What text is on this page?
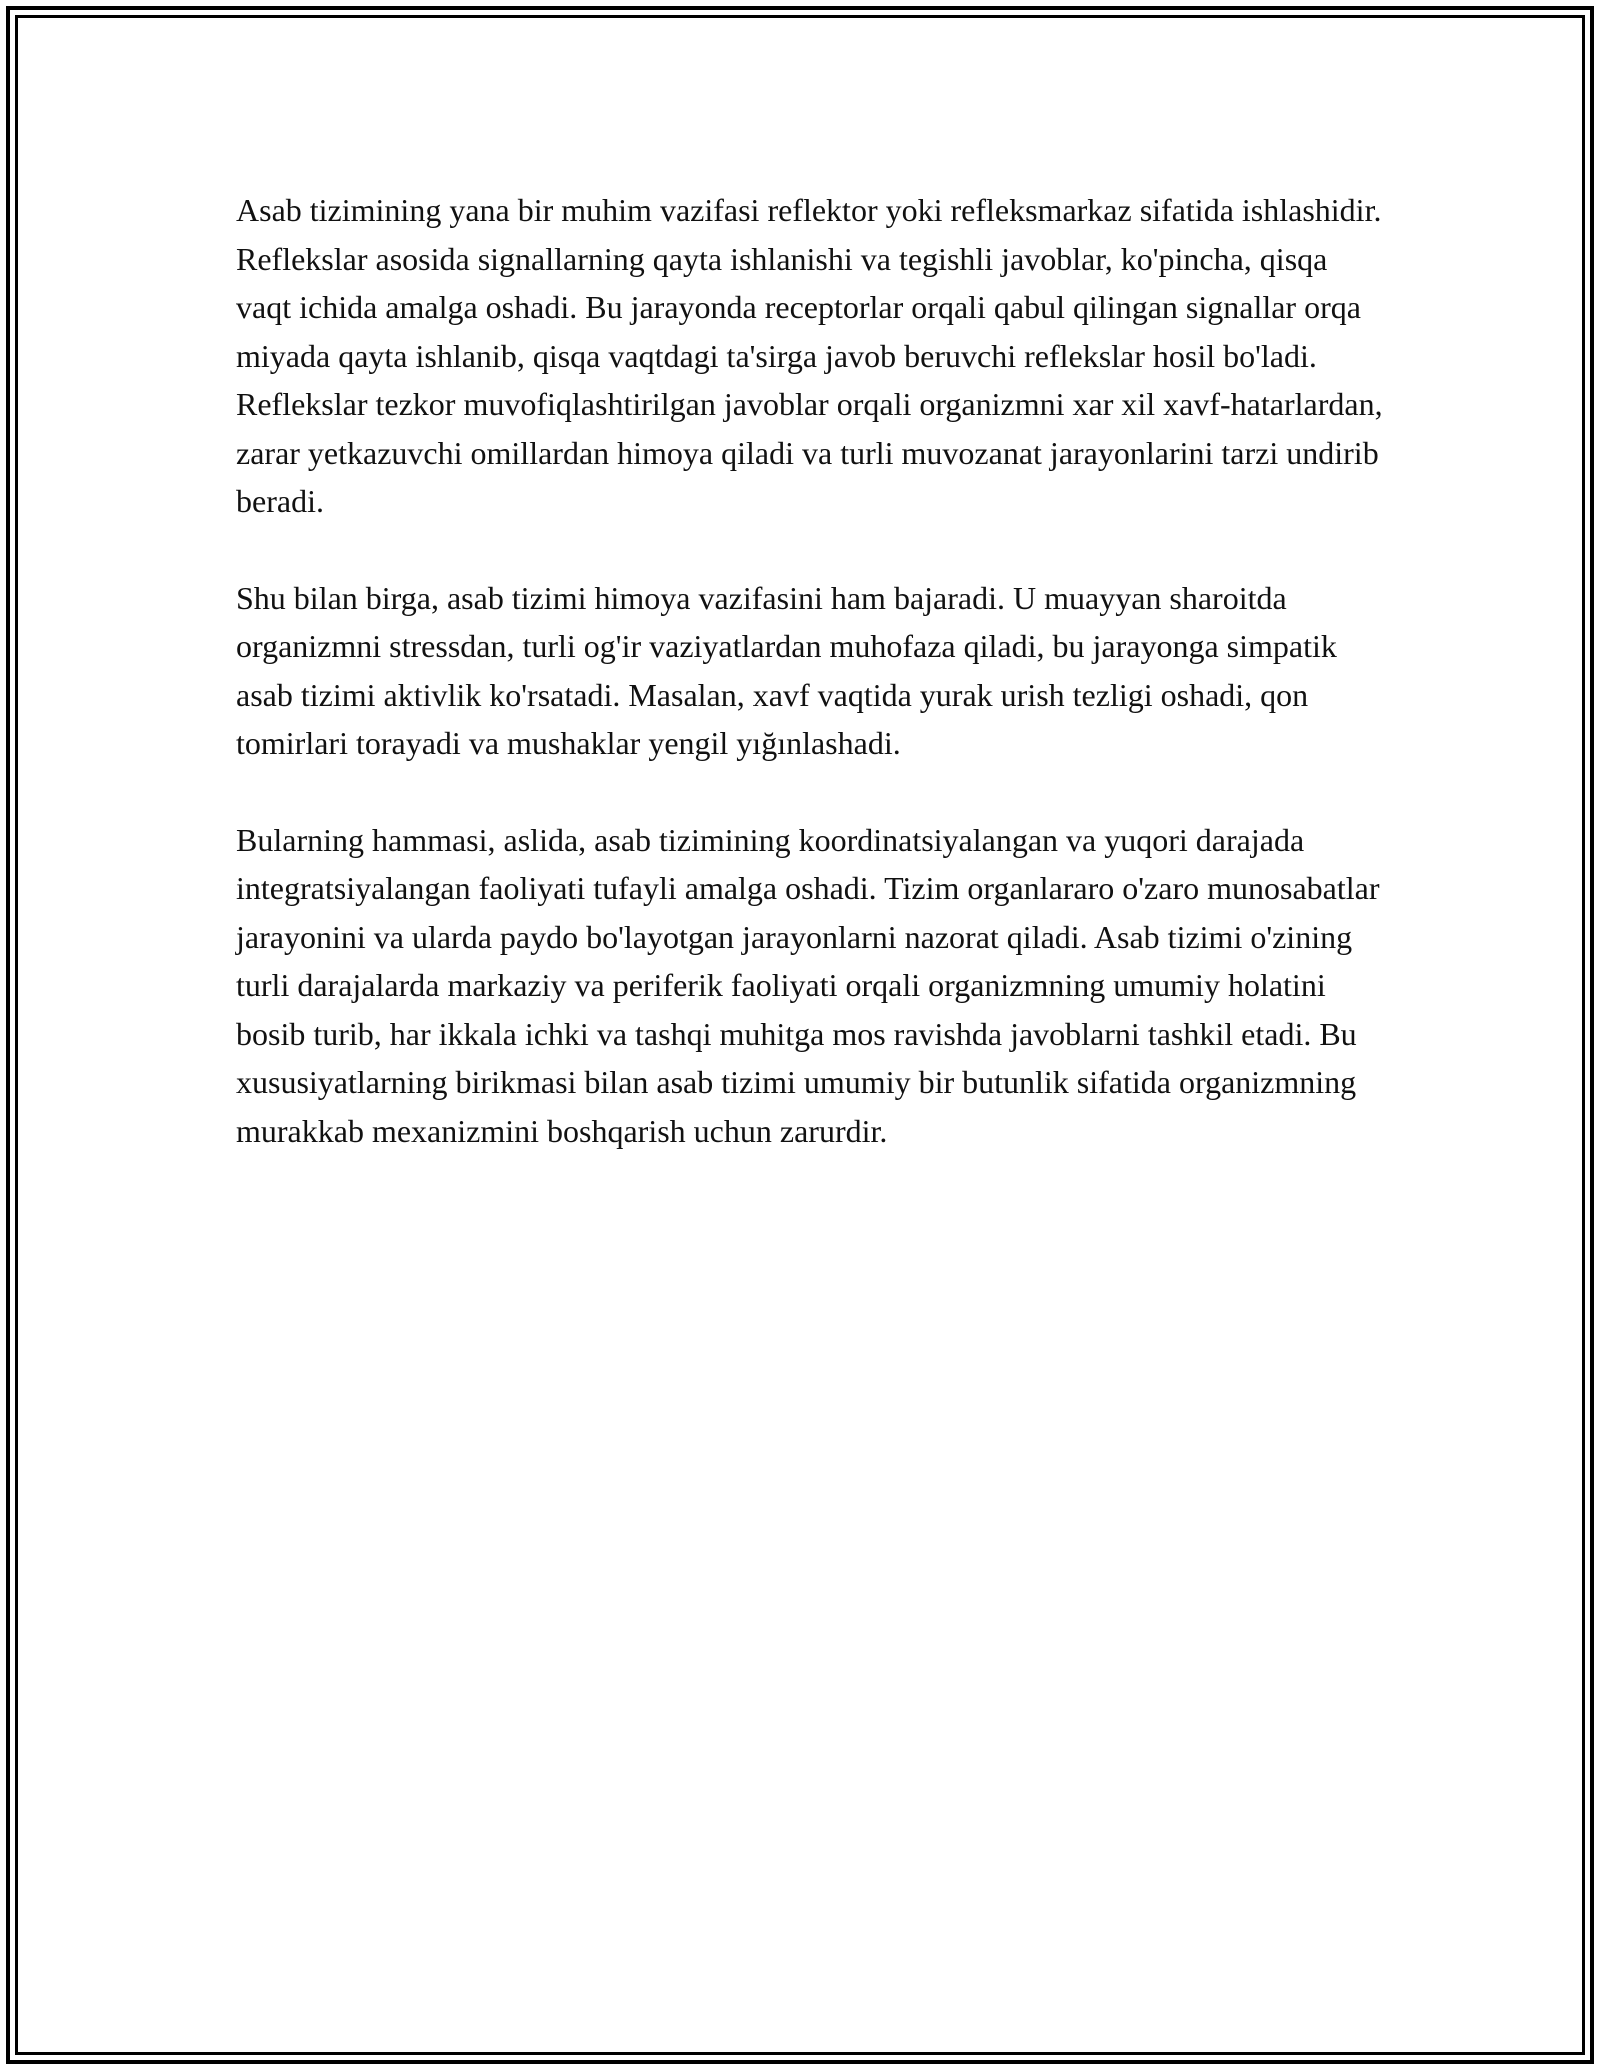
Asab tizimining yana bir muhim vazifasi reflektor yoki refleksmarkaz sifatida ishlashidir. Reflekslar asosida signallarning qayta ishlanishi va tegishli javoblar, ko'pincha, qisqa vaqt ichida amalga oshadi. Bu jarayonda receptorlar orqali qabul qilingan signallar orqa miyada qayta ishlanib, qisqa vaqtdagi ta'sirga javob beruvchi reflekslar hosil bo'ladi. Reflekslar tezkor muvofiqlashtirilgan javoblar orqali organizmni xar xil xavf-hatarlardan, zarar yetkazuvchi omillardan himoya qiladi va turli muvozanat jarayonlarini tarzi undirib beradi.

Shu bilan birga, asab tizimi himoya vazifasini ham bajaradi. U muayyan sharoitda organizmni stressdan, turli og'ir vaziyatlardan muhofaza qiladi, bu jarayonga simpatik asab tizimi aktivlik ko'rsatadi. Masalan, xavf vaqtida yurak urish tezligi oshadi, qon tomirlari torayadi va mushaklar yengil yığınlashadi.

Bularning hammasi, aslida, asab tizimining koordinatsiyalangan va yuqori darajada integratsiyalangan faoliyati tufayli amalga oshadi. Tizim organlararo o'zaro munosabatlar jarayonini va ularda paydo bo'layotgan jarayonlarni nazorat qiladi. Asab tizimi o'zining turli darajalarda markaziy va periferik faoliyati orqali organizmning umumiy holatini bosib turib, har ikkala ichki va tashqi muhitga mos ravishda javoblarni tashkil etadi. Bu xususiyatlarning birikmasi bilan asab tizimi umumiy bir butunlik sifatida organizmning murakkab mexanizmini boshqarish uchun zarurdir.
